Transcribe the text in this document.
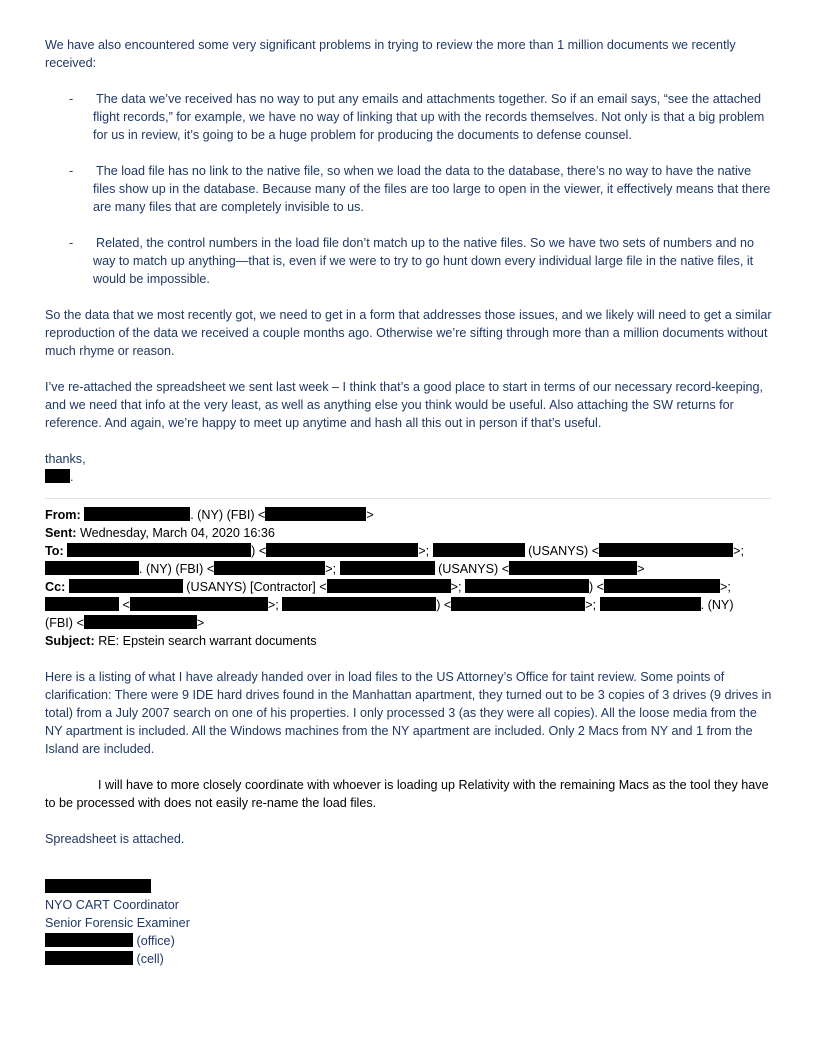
We have also encountered some very significant problems in trying to review the more than 1 million documents we recently received:

- The data we’ve received has no way to put any emails and attachments together. So if an email says, “see the attached flight records,” for example, we have no way of linking that up with the records themselves. Not only is that a big problem for us in review, it’s going to be a huge problem for producing the documents to defense counsel.

- The load file has no link to the native file, so when we load the data to the database, there’s no way to have the native files show up in the database. Because many of the files are too large to open in the viewer, it effectively means that there are many files that are completely invisible to us.

- Related, the control numbers in the load file don’t match up to the native files. So we have two sets of numbers and no way to match up anything—that is, even if we were to try to go hunt down every individual large file in the native files, it would be impossible.

So the data that we most recently got, we need to get in a form that addresses those issues, and we likely will need to get a similar reproduction of the data we received a couple months ago. Otherwise we’re sifting through more than a million documents without much rhyme or reason.

I’ve re-attached the spreadsheet we sent last week – I think that’s a good place to start in terms of our necessary record-keeping, and we need that info at the very least, as well as anything else you think would be useful. Also attaching the SW returns for reference. And again, we’re happy to meet up anytime and hash all this out in person if that’s useful.

thanks,

.

From:	. (NY) (FBI) <	>

Sent: Wednesday, March 04, 2020 16:36

To:	) <	>;	(USANYS) <	>;

. (NY) (FBI) <	>;	(USANYS) <	>

Cc:	(USANYS) [Contractor] <	>;	) <	>;

<	>;	) <	>;	. (NY)

(FBI) <	>

Subject: RE: Epstein search warrant documents

Here is a listing of what I have already handed over in load files to the US Attorney’s Office for taint review. Some points of clarification: There were 9 IDE hard drives found in the Manhattan apartment, they turned out to be 3 copies of 3 drives (9 drives in total) from a July 2007 search on one of his properties. I only processed 3 (as they were all copies). All the loose media from the NY apartment is included. All the Windows machines from the NY apartment are included. Only 2 Macs from NY and 1 from the Island are included.

I will have to more closely coordinate with whoever is loading up Relativity with the remaining Macs as the tool they have to be processed with does not easily re-name the load files.

Spreadsheet is attached.

NYO CART Coordinator

Senior Forensic Examiner

(office)

(cell)
